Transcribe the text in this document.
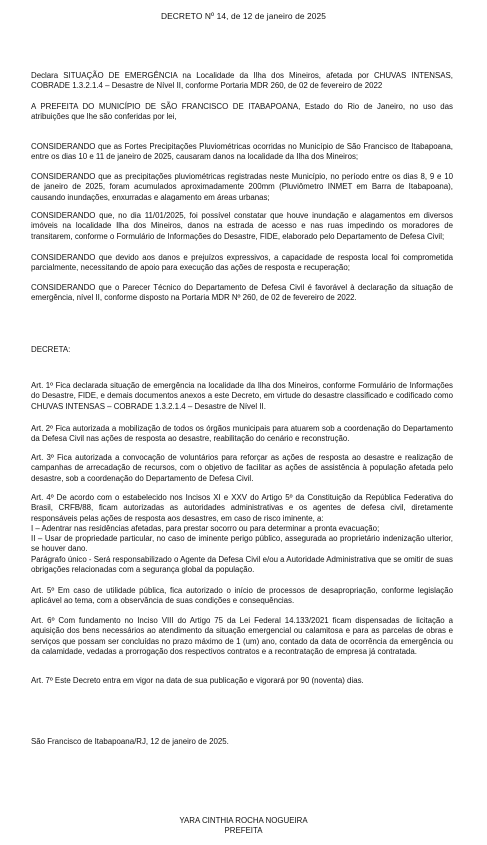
DECRETO Nº 14, de 12 de janeiro de 2025

Declara SITUAÇÃO DE EMERGÊNCIA na Localidade da Ilha dos Mineiros, afetada por CHUVAS INTENSAS, COBRADE 1.3.2.1.4 – Desastre de Nível II, conforme Portaria MDR 260, de 02 de fevereiro de 2022

A PREFEITA DO MUNICÍPIO DE SÃO FRANCISCO DE ITABAPOANA, Estado do Rio de Janeiro, no uso das atribuições que lhe são conferidas por lei,

CONSIDERANDO que as Fortes Precipitações Pluviométricas ocorridas no Município de São Francisco de Itabapoana, entre os dias 10 e 11 de janeiro de 2025, causaram danos na localidade da Ilha dos Mineiros;

CONSIDERANDO que as precipitações pluviométricas registradas neste Município, no período entre os dias 8, 9 e 10 de janeiro de 2025, foram acumulados aproximadamente 200mm (Pluviômetro INMET em Barra de Itabapoana), causando inundações, enxurradas e alagamento em áreas urbanas;

CONSIDERANDO que, no dia 11/01/2025, foi possível constatar que houve inundação e alagamentos em diversos imóveis na localidade Ilha dos Mineiros, danos na estrada de acesso e nas ruas impedindo os moradores de transitarem, conforme o Formulário de Informações do Desastre, FIDE, elaborado pelo Departamento de Defesa Civil;

CONSIDERANDO que devido aos danos e prejuízos expressivos, a capacidade de resposta local foi comprometida parcialmente, necessitando de apoio para execução das ações de resposta e recuperação;

CONSIDERANDO que o Parecer Técnico do Departamento de Defesa Civil é favorável à declaração da situação de emergência, nível II, conforme disposto na Portaria MDR Nº 260, de 02 de fevereiro de 2022.

DECRETA:

Art. 1º Fica declarada situação de emergência na localidade da Ilha dos Mineiros, conforme Formulário de Informações do Desastre, FIDE, e demais documentos anexos a este Decreto, em virtude do desastre classificado e codificado como CHUVAS INTENSAS – COBRADE 1.3.2.1.4 – Desastre de Nível II.

Art. 2º Fica autorizada a mobilização de todos os órgãos municipais para atuarem sob a coordenação do Departamento da Defesa Civil nas ações de resposta ao desastre, reabilitação do cenário e reconstrução.

Art. 3º Fica autorizada a convocação de voluntários para reforçar as ações de resposta ao desastre e realização de campanhas de arrecadação de recursos, com o objetivo de facilitar as ações de assistência à população afetada pelo desastre, sob a coordenação do Departamento de Defesa Civil.

Art. 4º De acordo com o estabelecido nos Incisos XI e XXV do Artigo 5º da Constituição da República Federativa do Brasil, CRFB/88, ficam autorizadas as autoridades administrativas e os agentes de defesa civil, diretamente responsáveis pelas ações de resposta aos desastres, em caso de risco iminente, a:

I – Adentrar nas residências afetadas, para prestar socorro ou para determinar a pronta evacuação;

II – Usar de propriedade particular, no caso de iminente perigo público, assegurada ao proprietário indenização ulterior, se houver dano.

Parágrafo único - Será responsabilizado o Agente da Defesa Civil e/ou a Autoridade Administrativa que se omitir de suas obrigações relacionadas com a segurança global da população.

Art. 5º Em caso de utilidade pública, fica autorizado o início de processos de desapropriação, conforme legislação aplicável ao tema, com a observância de suas condições e consequências.

Art. 6º Com fundamento no Inciso VIII do Artigo 75 da Lei Federal 14.133/2021 ficam dispensadas de licitação a aquisição dos bens necessários ao atendimento da situação emergencial ou calamitosa e para as parcelas de obras e serviços que possam ser concluídas no prazo máximo de 1 (um) ano, contado da data de ocorrência da emergência ou da calamidade, vedadas a prorrogação dos respectivos contratos e a recontratação de empresa já contratada.

Art. 7º Este Decreto entra em vigor na data de sua publicação e vigorará por 90 (noventa) dias.

São Francisco de Itabapoana/RJ, 12 de janeiro de 2025.

YARA CINTHIA ROCHA NOGUEIRA
PREFEITA
